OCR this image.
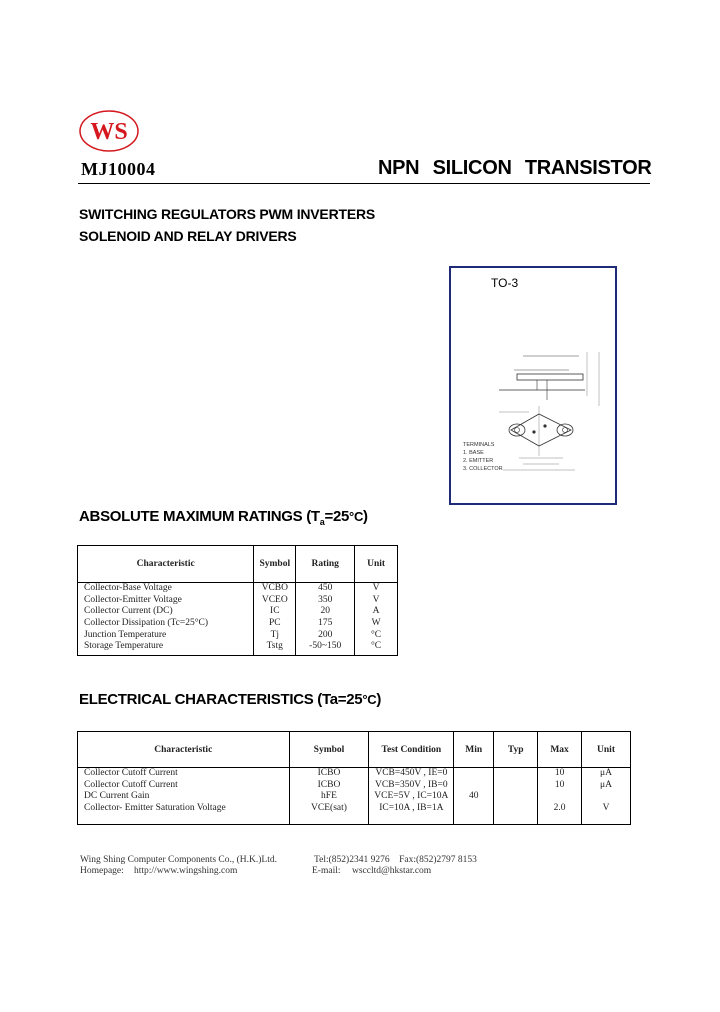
WS
MJ10004	NPN SILICON TRANSISTOR
SWITCHING REGULATORS PWM INVERTERS
SOLENOID AND RELAY DRIVERS
TO-3
TERMINALS
1. BASE
2. EMITTER
3. COLLECTOR
ABSOLUTE MAXIMUM RATINGS $(T_a=25^\circ C)$
Characteristic	Symbol	Rating	Unit
Collector-Base Voltage	VCBO	450	V
Collector-Emitter Voltage	VCEO	350	V
Collector Current (DC)	IC	20	A
Collector Dissipation (Tc=25°C)	PC	175	W
Junction Temperature	Tj	200	°C
Storage Temperature	Tstg	-50~150	°C
ELECTRICAL CHARACTERISTICS (Ta=25°C)
Characteristic	Symbol	Test Condition	Min	Typ	Max	Unit
Collector Cutoff Current	ICBO	VCB=450V , IE=0			10	μA
Collector Cutoff Current	ICBO	VCB=350V , IB=0			10	μA
DC Current Gain	hFE	VCE=5V , IC=10A	40			
Collector- Emitter Saturation Voltage	VCE(sat)	IC=10A , IB=1A			2.0	V
Wing Shing Computer Components Co., (H.K.)Ltd.
Homepage: http://www.wingshing.com
Tel:(852)2341 9276    Fax:(852)2797 8153
E-mail: wsccltd@hkstar.com
